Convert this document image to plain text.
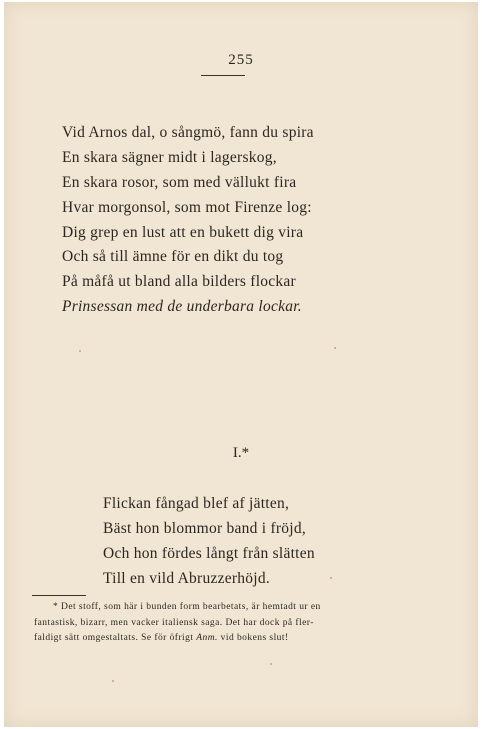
255
Vid Arnos dal, o sångmö, fann du spira
En skara sägner midt i lagerskog,
En skara rosor, som med vällukt fira
Hvar morgonsol, som mot Firenze log:
Dig grep en lust att en bukett dig vira
Och så till ämne för en dikt du tog
På måfå ut bland alla bilders flockar
Prinsessan med de underbara lockar.
I.*
Flickan fångad blef af jätten,
Bäst hon blommor band i fröjd,
Och hon fördes långt från slätten
Till en vild Abruzzerhöjd.

* Det stoff, som här i bunden form bearbetats, är hemtadt ur en
fantastisk, bizarr, men vacker italiensk saga. Det har dock på fler-
faldigt sätt omgestaltats. Se för öfrigt Anm. vid bokens slut!
